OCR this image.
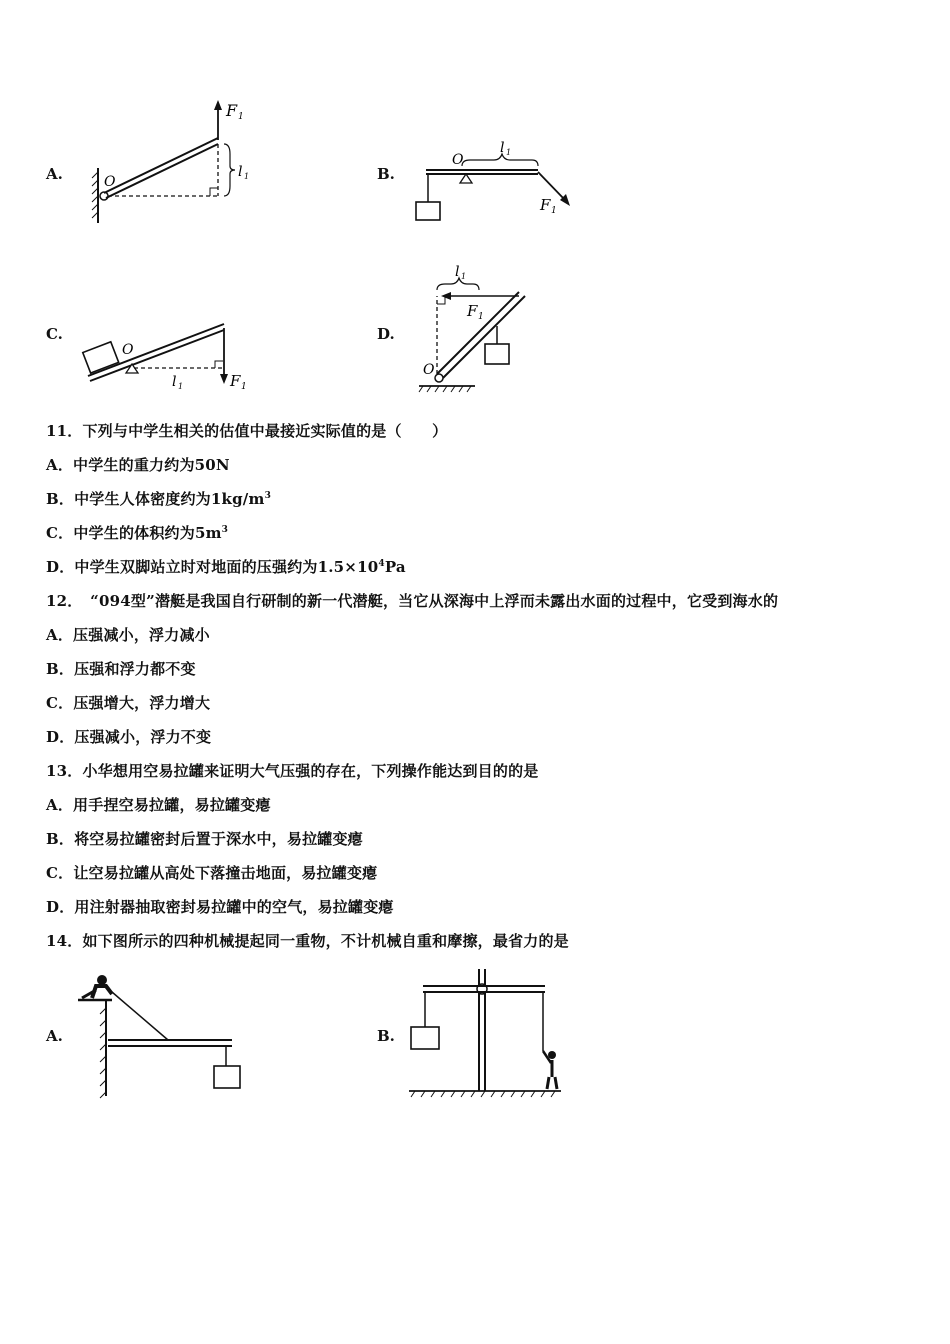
A.
F 1
O
l 1	B.
O
l 1
F 1
C.
O
l 1	F 1
D.
l 1
F 1
O
11．下列与中学生相关的估值中最接近实际值的是（　　）
A．中学生的重力约为50N
B．中学生人体密度约为$1kg/m^3$
C．中学生的体积约为$5m^3$
D．中学生双脚站立时对地面的压强约为$1.5\times 10^4Pa$
12．　“094型”潜艇是我国自行研制的新一代潜艇，当它从深海中上浮而未露出水面的过程中，它受到海水的
A．压强减小，浮力减小
B．压强和浮力都不变
C．压强增大，浮力增大
D．压强减小，浮力不变
13．小华想用空易拉罐来证明大气压强的存在，下列操作能达到目的的是
A．用手捏空易拉罐，易拉罐变瘪
B．将空易拉罐密封后置于深水中，易拉罐变瘪
C．让空易拉罐从高处下落撞击地面，易拉罐变瘪
D．用注射器抽取密封易拉罐中的空气，易拉罐变瘪
14．如下图所示的四种机械提起同一重物，不计机械自重和摩擦，最省力的是
A.	B.
